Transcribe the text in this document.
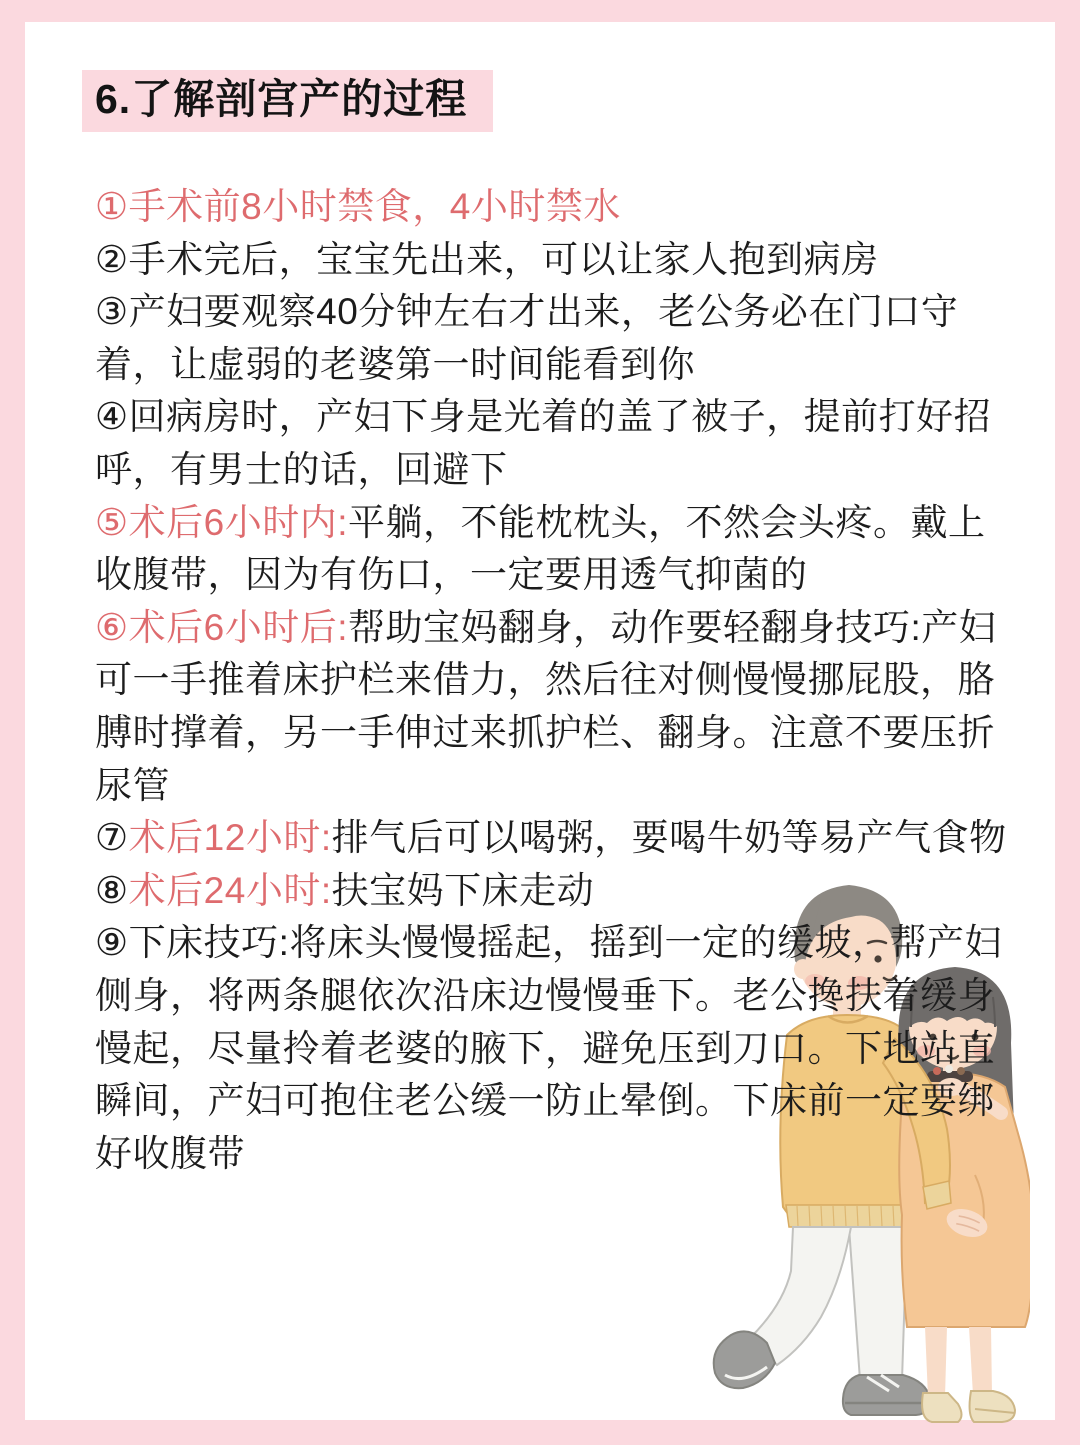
6.了解剖宫产的过程

①手术前8小时禁食，4小时禁水

②手术完后，宝宝先出来，可以让家人抱到病房

③产妇要观察40分钟左右才出来，老公务必在门口守着，让虚弱的老婆第一时间能看到你

④回病房时，产妇下身是光着的盖了被子，提前打好招呼，有男士的话，回避下

⑤术后6小时内:平躺，不能枕枕头，不然会头疼。戴上收腹带，因为有伤口，一定要用透气抑菌的

⑥术后6小时后:帮助宝妈翻身，动作要轻翻身技巧:产妇可一手推着床护栏来借力，然后往对侧慢慢挪屁股，胳膊时撑着，另一手伸过来抓护栏、翻身。注意不要压折尿管

⑦术后12小时:排气后可以喝粥，要喝牛奶等易产气食物

⑧术后24小时:扶宝妈下床走动

⑨下床技巧:将床头慢慢摇起，摇到一定的缓坡，帮产妇侧身，将两条腿依次沿床边慢慢垂下。老公搀扶着缓身慢起，尽量拎着老婆的腋下，避免压到刀口。下地站直瞬间，产妇可抱住老公缓一防止晕倒。下床前一定要绑好收腹带
